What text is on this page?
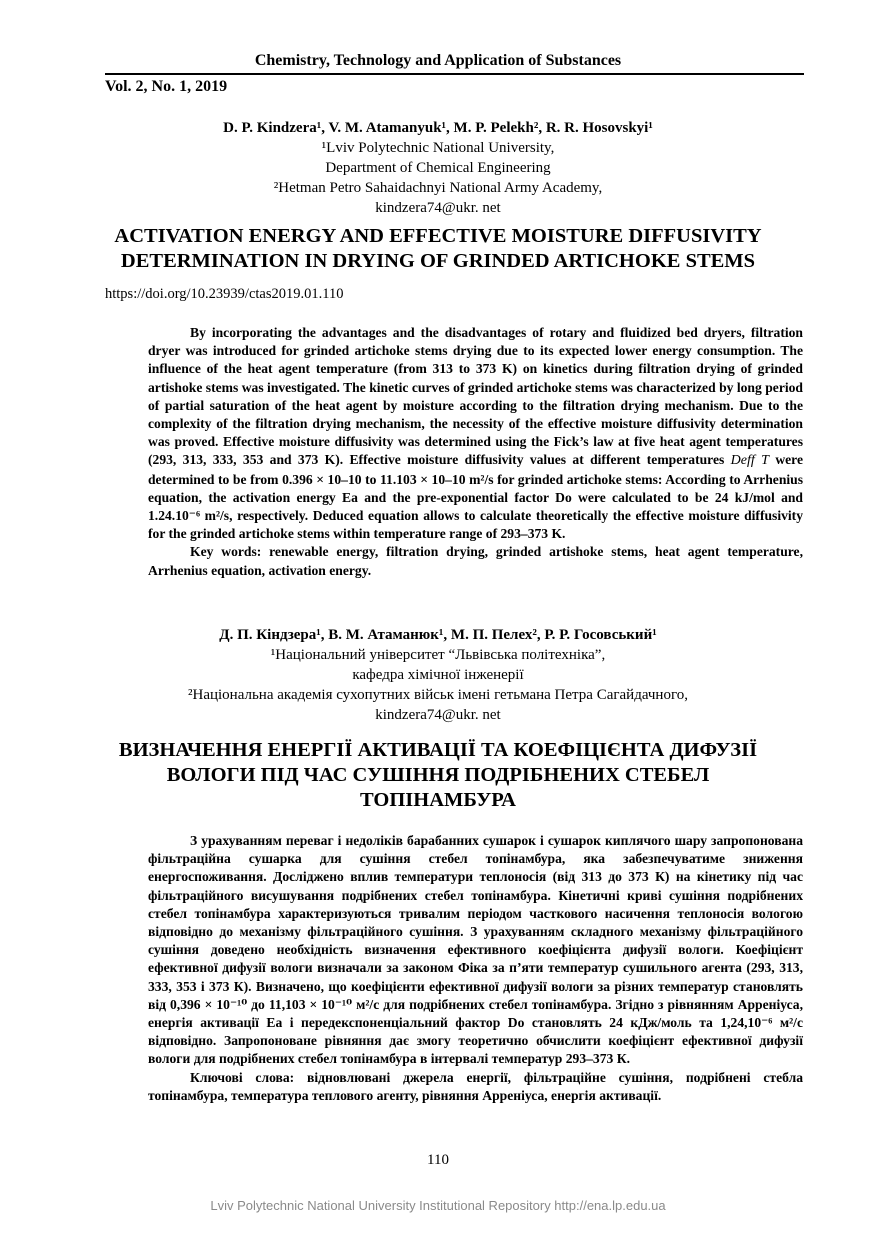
Chemistry, Technology and Application of Substances
Vol. 2, No. 1, 2019
D. P. Kindzera¹, V. M. Atamanyuk¹, M. P. Pelekh², R. R. Hosovskyi¹
¹Lviv Polytechnic National University,
Department of Chemical Engineering
²Hetman Petro Sahaidachnyi National Army Academy,
kindzera74@ukr. net
ACTIVATION ENERGY AND EFFECTIVE MOISTURE DIFFUSIVITY
DETERMINATION IN DRYING OF GRINDED ARTICHOKE STEMS
https://doi.org/10.23939/ctas2019.01.110

By incorporating the advantages and the disadvantages of rotary and fluidized bed dryers, filtration dryer was introduced for grinded artichoke stems drying due to its expected lower energy consumption. The influence of the heat agent temperature (from 313 to 373 K) on kinetics during filtration drying of grinded artishoke stems was investigated. The kinetic curves of grinded artichoke stems was characterized by long period of partial saturation of the heat agent by moisture according to the filtration drying mechanism. Due to the complexity of the filtration drying mechanism, the necessity of the effective moisture diffusivity determination was proved. Effective moisture diffusivity was determined using the Fick’s law at five heat agent temperatures (293, 313, 333, 353 and 373 K). Effective moisture diffusivity values at different temperatures Deff T were determined to be from 0.396 × 10–10 to 11.103 × 10–10 m²/s for grinded artichoke stems: According to Arrhenius equation, the activation energy Ea and the pre-exponential factor Do were calculated to be 24 kJ/mol and 1.24.10⁻⁶ m²/s, respectively. Deduced equation allows to calculate theoretically the effective moisture diffusivity for the grinded artichoke stems within temperature range of 293–373 K.

Key words: renewable energy, filtration drying, grinded artishoke stems, heat agent temperature, Arrhenius equation, activation energy.

Д. П. Кіндзера¹, В. М. Атаманюк¹, М. П. Пелех², Р. Р. Госовський¹
¹Національний університет “Львівська політехніка”,
кафедра хімічної інженерії
²Національна академія сухопутних військ імені гетьмана Петра Сагайдачного,
kindzera74@ukr. net
ВИЗНАЧЕННЯ ЕНЕРГІЇ АКТИВАЦІЇ ТА КОЕФІЦІЄНТА ДИФУЗІЇ
ВОЛОГИ ПІД ЧАС СУШІННЯ ПОДРІБНЕНИХ СТЕБЕЛ
ТОПІНАМБУРА

З урахуванням переваг і недоліків барабанних сушарок і сушарок киплячого шару запропонована фільтраційна сушарка для сушіння стебел топінамбура, яка забезпечуватиме зниження енергоспоживання. Досліджено вплив температури теплоносія (від 313 до 373 К) на кінетику під час фільтраційного висушування подрібнених стебел топінамбура. Кінетичні криві сушіння подрібнених стебел топінамбура характеризуються тривалим періодом часткового насичення теплоносія вологою відповідно до механізму фільтраційного сушіння. З урахуванням складного механізму фільтраційного сушіння доведено необхідність визначення ефективного коефіцієнта дифузії вологи. Коефіцієнт ефективної дифузії вологи визначали за законом Фіка за п’яти температур сушильного агента (293, 313, 333, 353 і 373 К). Визначено, що коефіцієнти ефективної дифузії вологи за різних температур становлять від 0,396 × 10⁻¹⁰ до 11,103 × 10⁻¹⁰ м²/с для подрібнених стебел топінамбура. Згідно з рівнянням Арреніуса, енергія активації Ea і передекспоненціальний фактор Do становлять 24 кДж/моль та 1,24,10⁻⁶ м²/с відповідно. Запропоноване рівняння дає змогу теоретично обчислити коефіцієнт ефективної дифузії вологи для подрібнених стебел топінамбура в інтервалі температур 293–373 К.

Ключові слова: відновлювані джерела енергії, фільтраційне сушіння, подрібнені стебла топінамбура, температура теплового агенту, рівняння Арреніуса, енергія активації.

110
Lviv Polytechnic National University Institutional Repository http://ena.lp.edu.ua
